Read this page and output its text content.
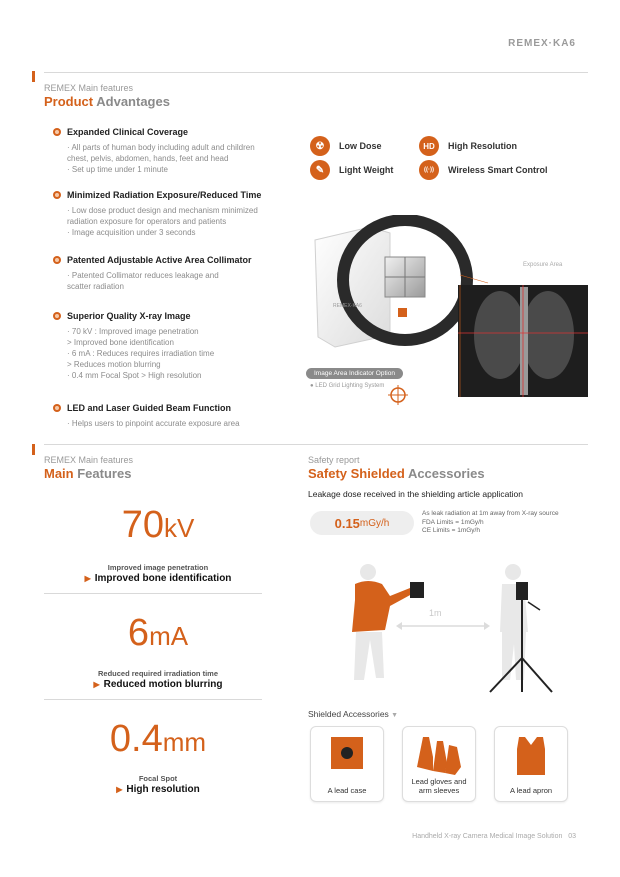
REMEX·KA6
REMEX Main features
Product Advantages
Expanded Clinical Coverage
· All parts of human body including adult and children
chest, pelvis, abdomen, hands, feet and head
· Set up time under 1 minute
Minimized Radiation Exposure/Reduced Time
· Low dose product design and mechanism minimized
radiation exposure for operators and patients
· Image acquisition under 3 seconds
Patented Adjustable Active Area Collimator
· Patented Collimator reduces leakage and
scatter radiation
Superior Quality X-ray Image
· 70 kV : Improved image penetration
> Improved bone identification
· 6 mA : Reduces requires irradiation time
> Reduces motion blurring
· 0.4 mm Focal Spot > High resolution
LED and Laser Guided Beam Function
· Helps users to pinpoint accurate exposure area
☢	Low Dose	HD	High Resolution
✎	Light Weight	((·))	Wireless Smart Control
Exposure Area
Image Area Indicator Option
● LED Grid Lighting System
REMEX·KA6
REMEX Main features
Main Features
70kV
Improved image penetration
▶ Improved bone identification
6mA
Reduced required irradiation time
▶ Reduced motion blurring
0.4mm
Focal Spot
▶ High resolution
Safety report
Safety Shielded Accessories
Leakage dose received in the shielding article application
0.15 mGy/h
As leak radiation at 1m away from X-ray source
FDA Limits = 1mGy/h
CE Limits = 1mGy/h
1m
Shielded Accessories ▼
A lead case
Lead gloves and arm sleeves	A lead apron
Handheld X-ray Camera Medical Image Solution 03
